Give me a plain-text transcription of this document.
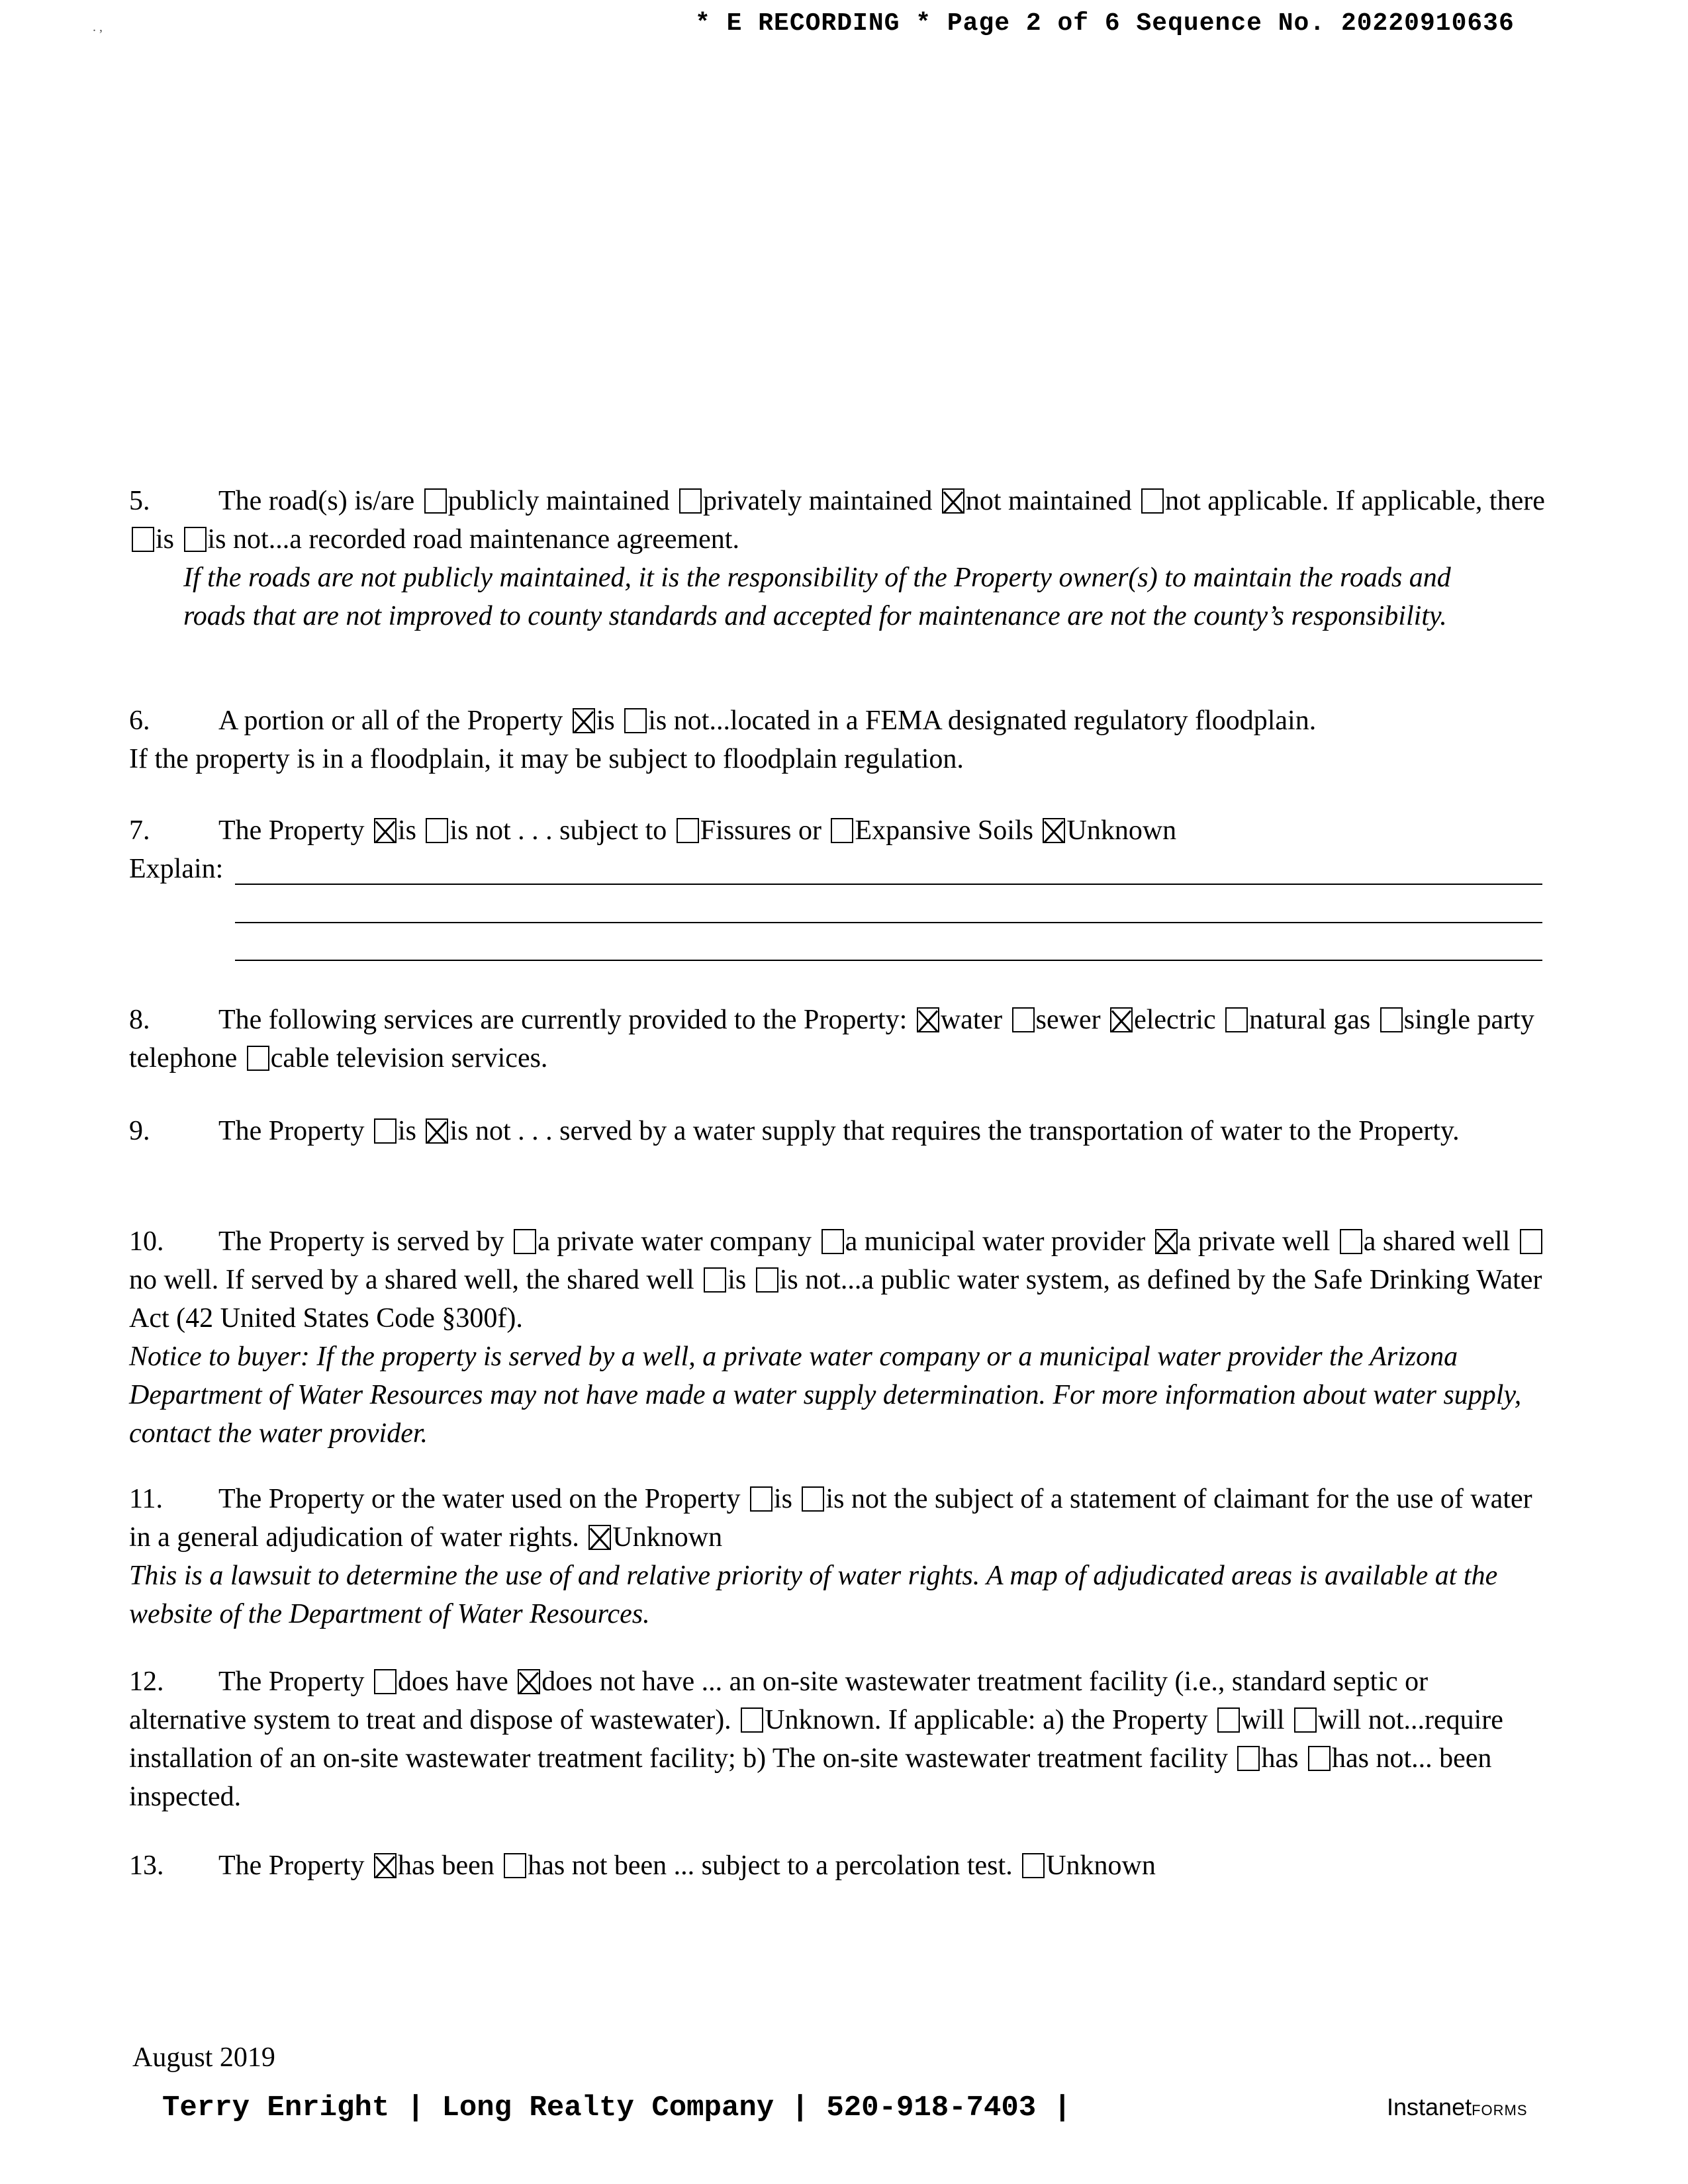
* E RECORDING * Page 2 of 6 Sequence No. 20220910636
. ,
5. The road(s) is/are publicly maintained privately maintained not maintained not applicable. If applicable, there is is not...a recorded road maintenance agreement.
If the roads are not publicly maintained, it is the responsibility of the Property owner(s) to maintain the roads and roads that are not improved to county standards and accepted for maintenance are not the county’s responsibility.
6. A portion or all of the Property is is not...located in a FEMA designated regulatory floodplain.
If the property is in a floodplain, it may be subject to floodplain regulation.
7. The Property is is not . . . subject to Fissures or Expansive Soils Unknown
Explain:
8. The following services are currently provided to the Property: water sewer electric natural gas single party telephone cable television services.
9. The Property is is not . . . served by a water supply that requires the transportation of water to the Property.
10. The Property is served by a private water company a municipal water provider a private well a shared well no well. If served by a shared well, the shared well is is not...a public water system, as defined by the Safe Drinking Water Act (42 United States Code §300f).
Notice to buyer: If the property is served by a well, a private water company or a municipal water provider the Arizona Department of Water Resources may not have made a water supply determination. For more information about water supply, contact the water provider.
11. The Property or the water used on the Property is is not the subject of a statement of claimant for the use of water in a general adjudication of water rights. Unknown
This is a lawsuit to determine the use of and relative priority of water rights. A map of adjudicated areas is available at the website of the Department of Water Resources.
12. The Property does have does not have ... an on-site wastewater treatment facility (i.e., standard septic or alternative system to treat and dispose of wastewater). Unknown. If applicable: a) the Property will will not...require installation of an on-site wastewater treatment facility; b) The on-site wastewater treatment facility has has not... been inspected.
13. The Property has been has not been ... subject to a percolation test. Unknown
August 2019
Terry Enright | Long Realty Company | 520-918-7403 |	InstanetFORMS
